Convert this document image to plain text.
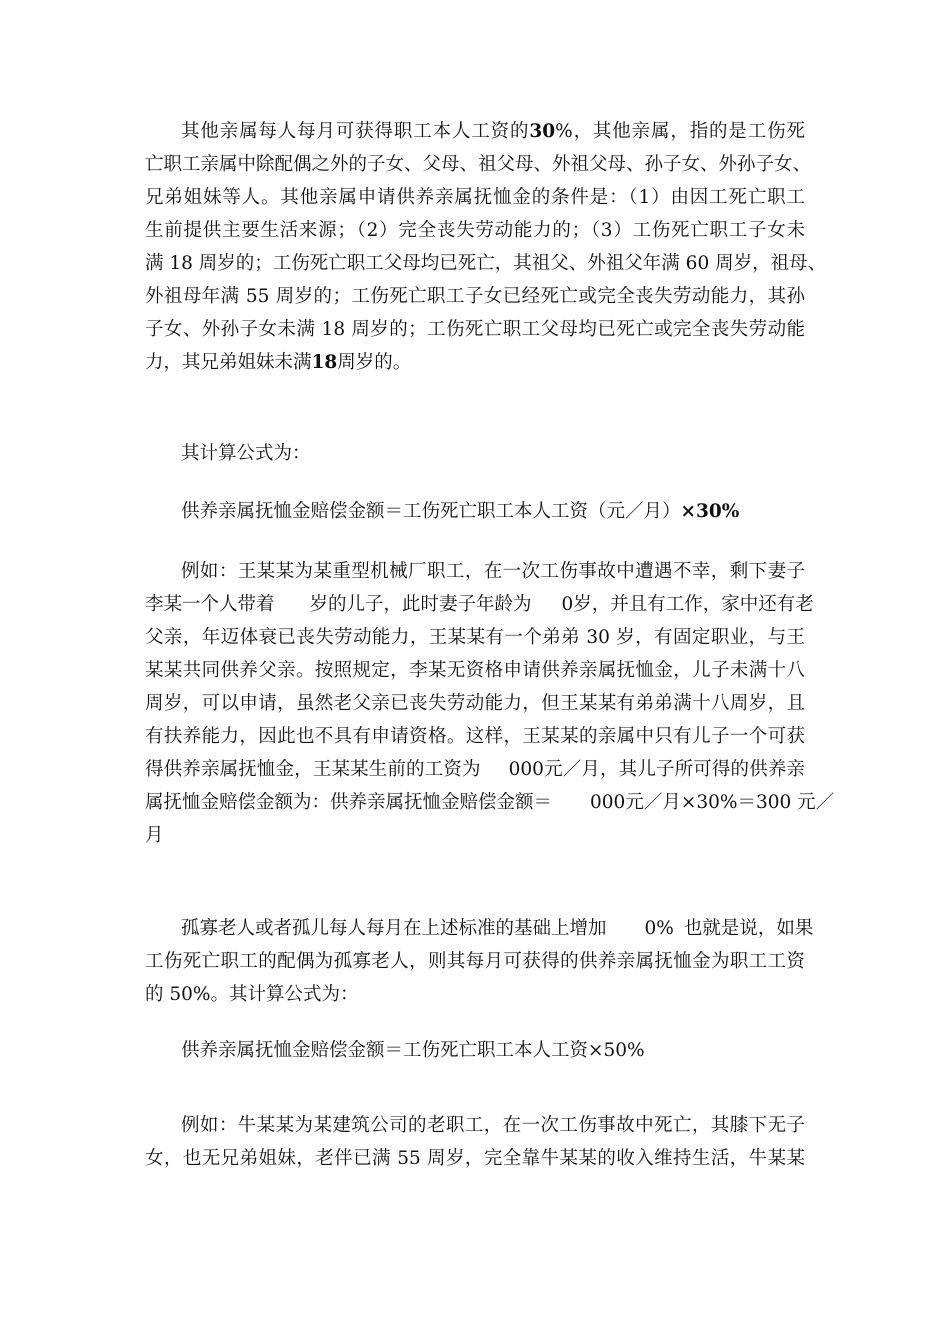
其他亲属每人每月可获得职工本人工资的30%，其他亲属，指的是工伤死
亡职工亲属中除配偶之外的子女、父母、祖父母、外祖父母、孙子女、外孙子女、
兄弟姐妹等人。其他亲属申请供养亲属抚恤金的条件是：（1）由因工死亡职工
生前提供主要生活来源；（2）完全丧失劳动能力的；（3）工伤死亡职工子女未
满 18 周岁的；工伤死亡职工父母均已死亡，其祖父、外祖父年满 60 周岁，祖母、
外祖母年满 55 周岁的；工伤死亡职工子女已经死亡或完全丧失劳动能力，其孙
子女、外孙子女未满 18 周岁的；工伤死亡职工父母均已死亡或完全丧失劳动能
力，其兄弟姐妹未满18周岁的。
其计算公式为：
供养亲属抚恤金赔偿金额＝工伤死亡职工本人工资（元／月）×30%
例如：王某某为某重型机械厂职工，在一次工伤事故中遭遇不幸，剩下妻子
李某一个人带着 岁的儿子，此时妻子年龄为 0岁，并且有工作，家中还有老
父亲，年迈体衰已丧失劳动能力，王某某有一个弟弟 30 岁，有固定职业，与王
某某共同供养父亲。按照规定，李某无资格申请供养亲属抚恤金，儿子未满十八
周岁，可以申请，虽然老父亲已丧失劳动能力，但王某某有弟弟满十八周岁，且
有扶养能力，因此也不具有申请资格。这样，王某某的亲属中只有儿子一个可获
得供养亲属抚恤金，王某某生前的工资为 000元／月，其儿子所可得的供养亲
属抚恤金赔偿金额为：供养亲属抚恤金赔偿金额＝ 000元／月×30%＝300 元／
月
孤寡老人或者孤儿每人每月在上述标准的基础上增加 0% 也就是说，如果
工伤死亡职工的配偶为孤寡老人，则其每月可获得的供养亲属抚恤金为职工工资
的 50%。其计算公式为：
供养亲属抚恤金赔偿金额＝工伤死亡职工本人工资×50%
例如：牛某某为某建筑公司的老职工，在一次工伤事故中死亡，其膝下无子
女，也无兄弟姐妹，老伴已满 55 周岁，完全靠牛某某的收入维持生活，牛某某
